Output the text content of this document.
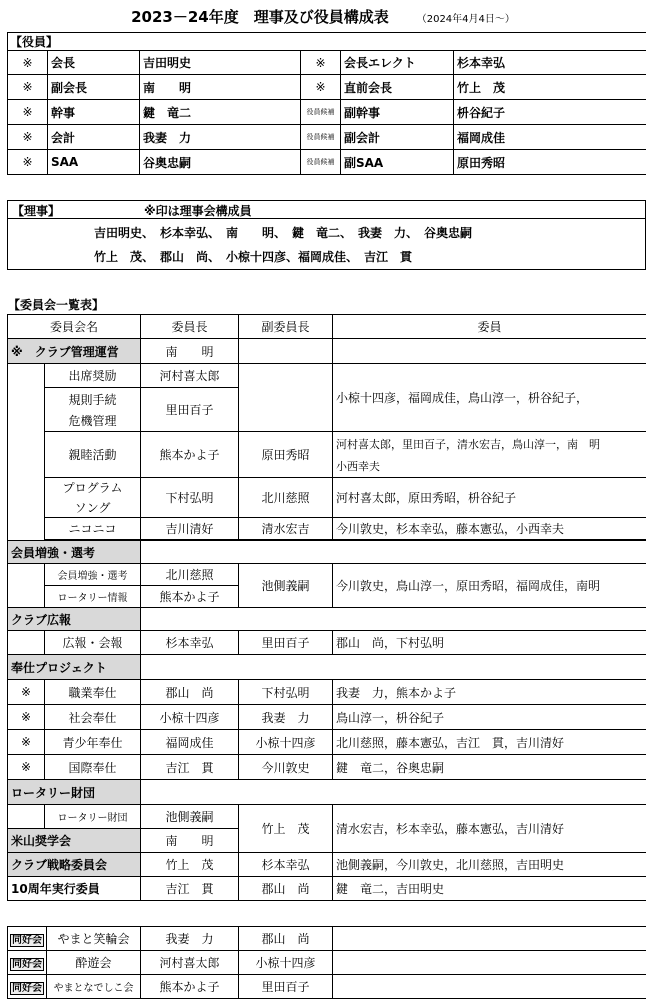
2023－24年度　理事及び役員構成表	（2024年4月4日～）
【役員】					
※	会長	吉田明史	※	会長エレクト	杉本幸弘
※	副会長	南　　明	※	直前会長	竹上　茂
※	幹事	鍵　竜二	役員候補	副幹事	枡谷紀子
※	会計	我妻　力	役員候補	副会計	福岡成佳
※	SAA	谷奥忠嗣	役員候補	副SAA	原田秀昭
【理事】	※印は理事会構成員
吉田明史、　杉本幸弘、　南　　明、　鍵　竜二、　我妻　力、　谷奥忠嗣
竹上　茂、　郡山　尚、　小椋十四彦、福岡成佳、　吉江　貫
【委員会一覧表】
委員会名		委員長	副委員長	委員
※　 クラブ管理運営		南　　明		
	出席奨励	河村喜太郎		小椋十四彦，福岡成佳，鳥山淳一，枡谷紀子，

	規則手続
危機管理	里田百子		
	親睦活動	熊本かよ子	原田秀昭	河村喜太郎，里田百子，清水宏吉，鳥山淳一，南　明
小西幸夫

	プログラム
ソング	下村弘明	北川慈照	河村喜太郎，原田秀昭，枡谷紀子
	ニコニコ	吉川清好	清水宏吉	今川敦史，杉本幸弘，藤本憲弘，小西幸夫

会員増強・選考				
	会員増強・選考	北川慈照	池側義嗣	今川敦史，鳥山淳一，原田秀昭，福岡成佳，南明
	ロータリー情報	熊本かよ子		
クラブ広報				
	広報・会報	杉本幸弘	里田百子	郡山　尚，下村弘明
奉仕プロジェクト				
※	職業奉仕	郡山　尚	下村弘明	我妻　力，熊本かよ子
※	社会奉仕	小椋十四彦	我妻　力	鳥山淳一，枡谷紀子
※	青少年奉仕	福岡成佳	小椋十四彦	北川慈照，藤本憲弘，吉江　貫，吉川清好
※	国際奉仕	吉江　貫	今川敦史	鍵　竜二，谷奥忠嗣
ロータリー財団				
	ロータリー財団	池側義嗣	竹上　茂	清水宏吉，杉本幸弘，藤本憲弘，吉川清好
米山奨学会		南　　明		
クラブ戦略委員会		竹上　茂	杉本幸弘	池側義嗣，今川敦史，北川慈照，吉田明史
10周年実行委員		吉江　貫	郡山　尚	鍵　竜二，吉田明史
同好会	やまと笑輪会	我妻　力	郡山　尚	
同好会	酔遊会	河村喜太郎	小椋十四彦	
同好会	やまとなでしこ会	熊本かよ子	里田百子	
